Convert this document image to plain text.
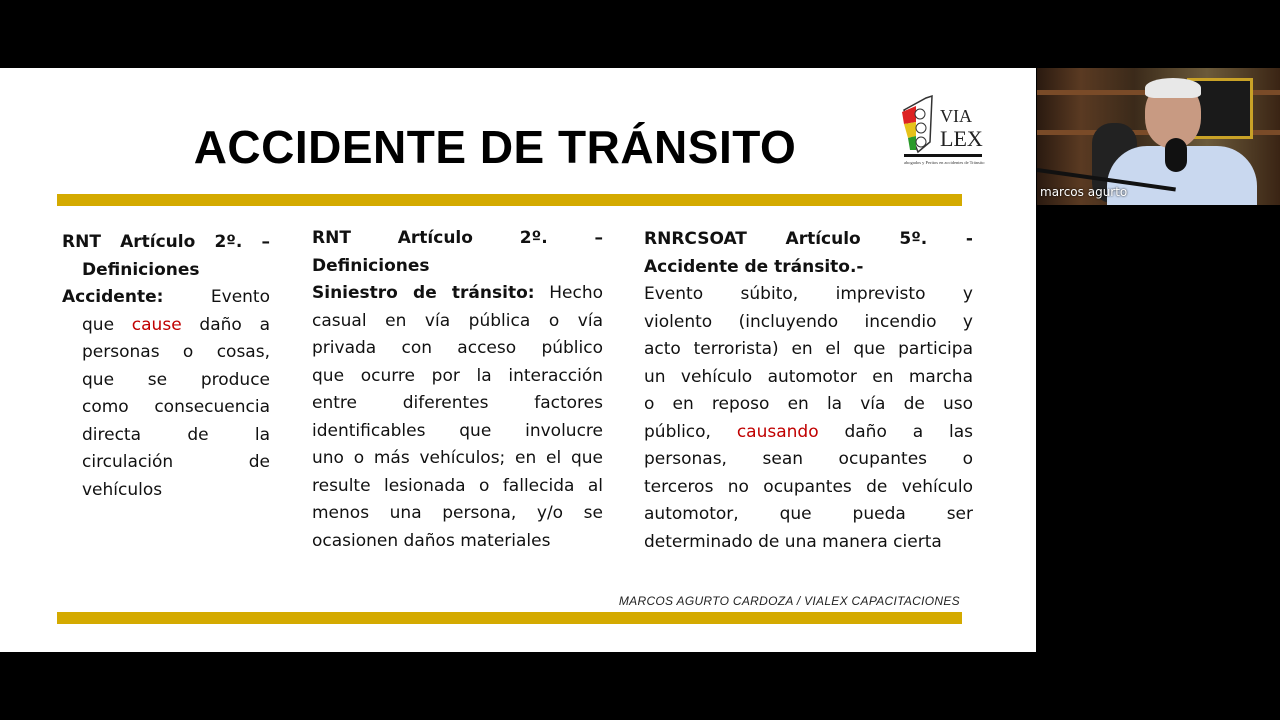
VIA
LEX
abogados y Peritos en accidentes de Tránsito
ACCIDENTE DE TRÁNSITO
RNT Artículo 2º. –
Definiciones
Accidente:	Evento
que cause daño a
personas o cosas,
que se produce
como consecuencia
directa de la
circulación de
vehículos
RNT Artículo 2º. –
Definiciones
Siniestro de tránsito: Hecho
casual en vía pública o vía
privada con acceso público
que ocurre por la interacción
entre diferentes factores
identificables que involucre
uno o más vehículos; en el que
resulte lesionada o fallecida al
menos una persona, y/o se
ocasionen daños materiales
RNRCSOAT Artículo 5º. -
Accidente de tránsito.-
Evento súbito, imprevisto y
violento (incluyendo incendio y
acto terrorista) en el que participa
un vehículo automotor en marcha
o en reposo en la vía de uso
público, causando daño a las
personas, sean ocupantes o
terceros no ocupantes de vehículo
automotor, que pueda ser
determinado de una manera cierta
MARCOS AGURTO CARDOZA / VIALEX CAPACITACIONES
marcos agurto
